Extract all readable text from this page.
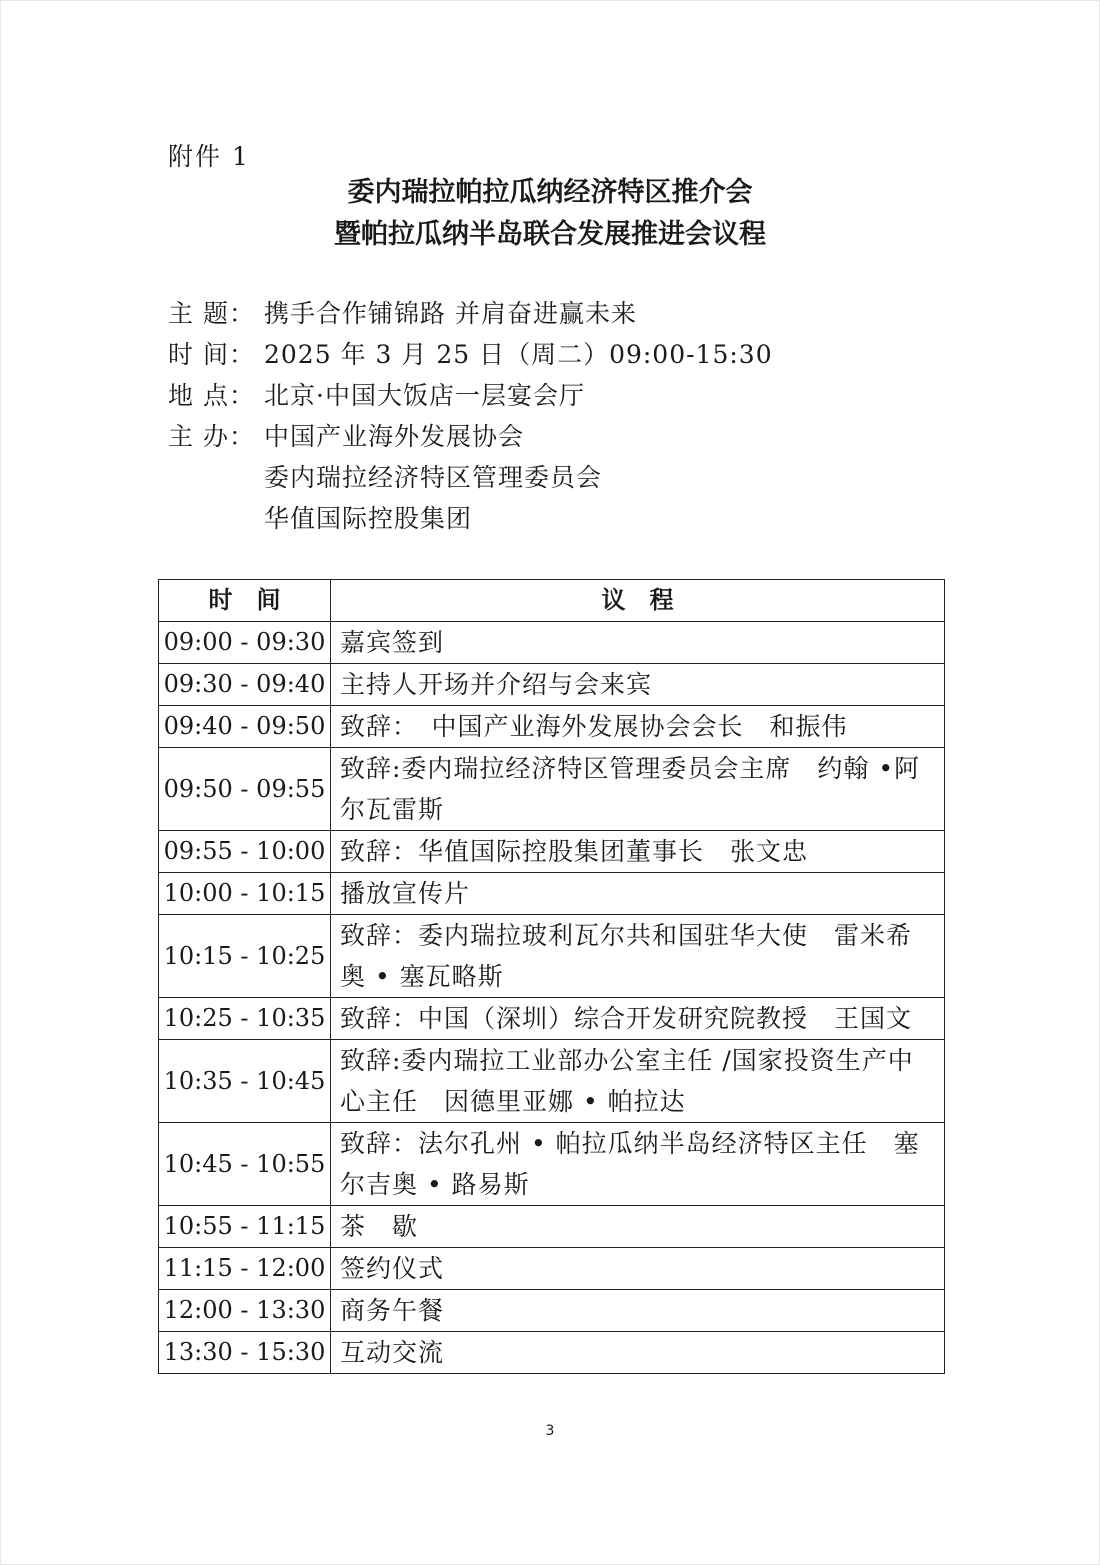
附件 1
委内瑞拉帕拉瓜纳经济特区推介会
暨帕拉瓜纳半岛联合发展推进会议程
主 题： 携手合作铺锦路 并肩奋进赢未来
时 间： 2025 年 3 月 25 日（周二）09:00-15:30
地 点： 北京·中国大饭店一层宴会厅
主 办： 中国产业海外发展协会
委内瑞拉经济特区管理委员会
华值国际控股集团
时　间	议　程
09:00 - 09:30	嘉宾签到
09:30 - 09:40	主持人开场并介绍与会来宾
09:40 - 09:50	致辞：　中国产业海外发展协会会长　和振伟
09:50 - 09:55	致辞:委内瑞拉经济特区管理委员会主席　约翰 •阿尔瓦雷斯
09:55 - 10:00	致辞：华值国际控股集团董事长　张文忠
10:00 - 10:15	播放宣传片
10:15 - 10:25	致辞：委内瑞拉玻利瓦尔共和国驻华大使　雷米希奥 • 塞瓦略斯
10:25 - 10:35	致辞：中国（深圳）综合开发研究院教授　王国文
10:35 - 10:45	致辞:委内瑞拉工业部办公室主任 /国家投资生产中心主任　因德里亚娜 • 帕拉达
10:45 - 10:55	致辞：法尔孔州 • 帕拉瓜纳半岛经济特区主任　塞尔吉奥 • 路易斯
10:55 - 11:15	茶　歇
11:15 - 12:00	签约仪式
12:00 - 13:30	商务午餐
13:30 - 15:30	互动交流
3
